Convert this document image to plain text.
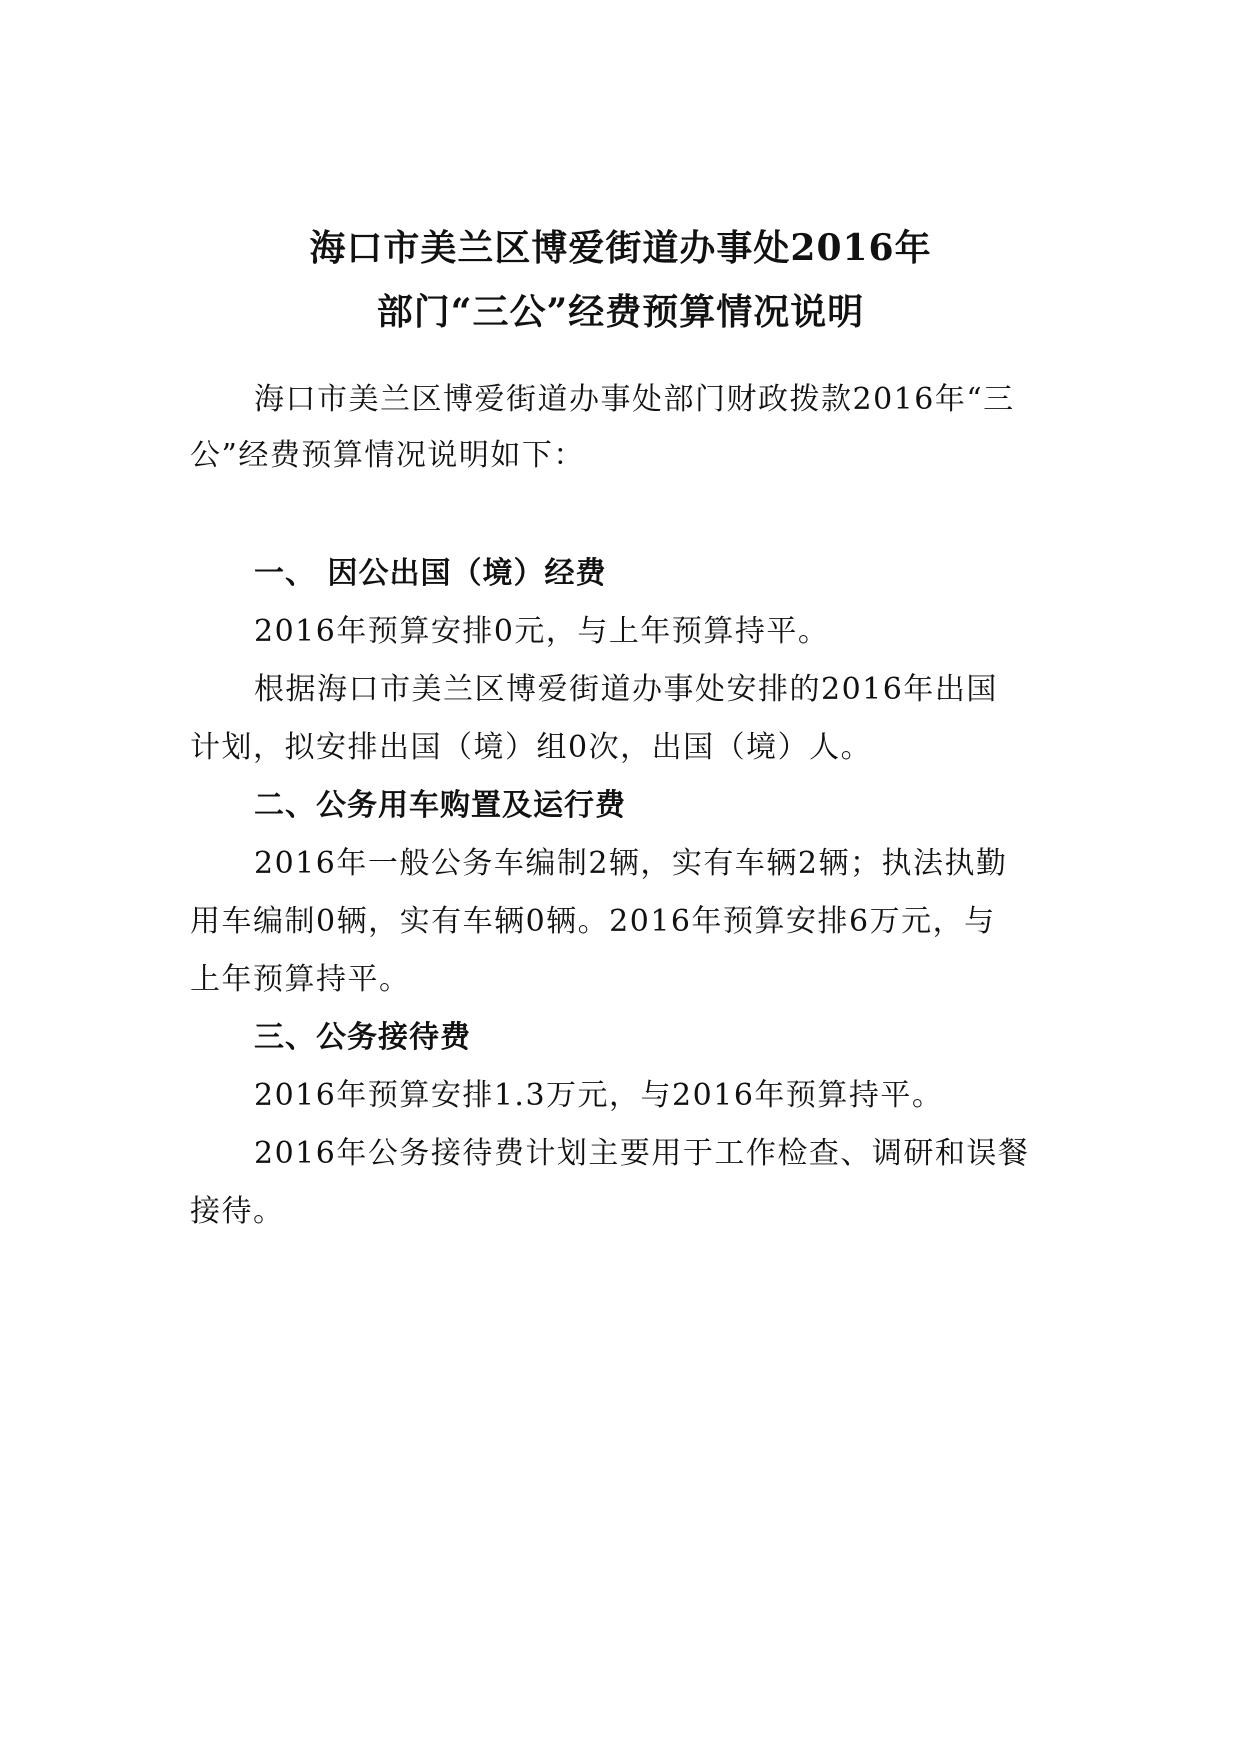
海口市美兰区博爱街道办事处2016年
部门“三公”经费预算情况说明
海口市美兰区博爱街道办事处部门财政拨款2016年“三
公”经费预算情况说明如下：
一、 因公出国（境）经费
2016年预算安排0元，与上年预算持平。
根据海口市美兰区博爱街道办事处安排的2016年出国
计划，拟安排出国（境）组0次，出国（境）人。
二、公务用车购置及运行费
2016年一般公务车编制2辆，实有车辆2辆；执法执勤
用车编制0辆，实有车辆0辆。2016年预算安排6万元，与
上年预算持平。
三、公务接待费
2016年预算安排1.3万元，与2016年预算持平。
2016年公务接待费计划主要用于工作检查、调研和误餐
接待。
